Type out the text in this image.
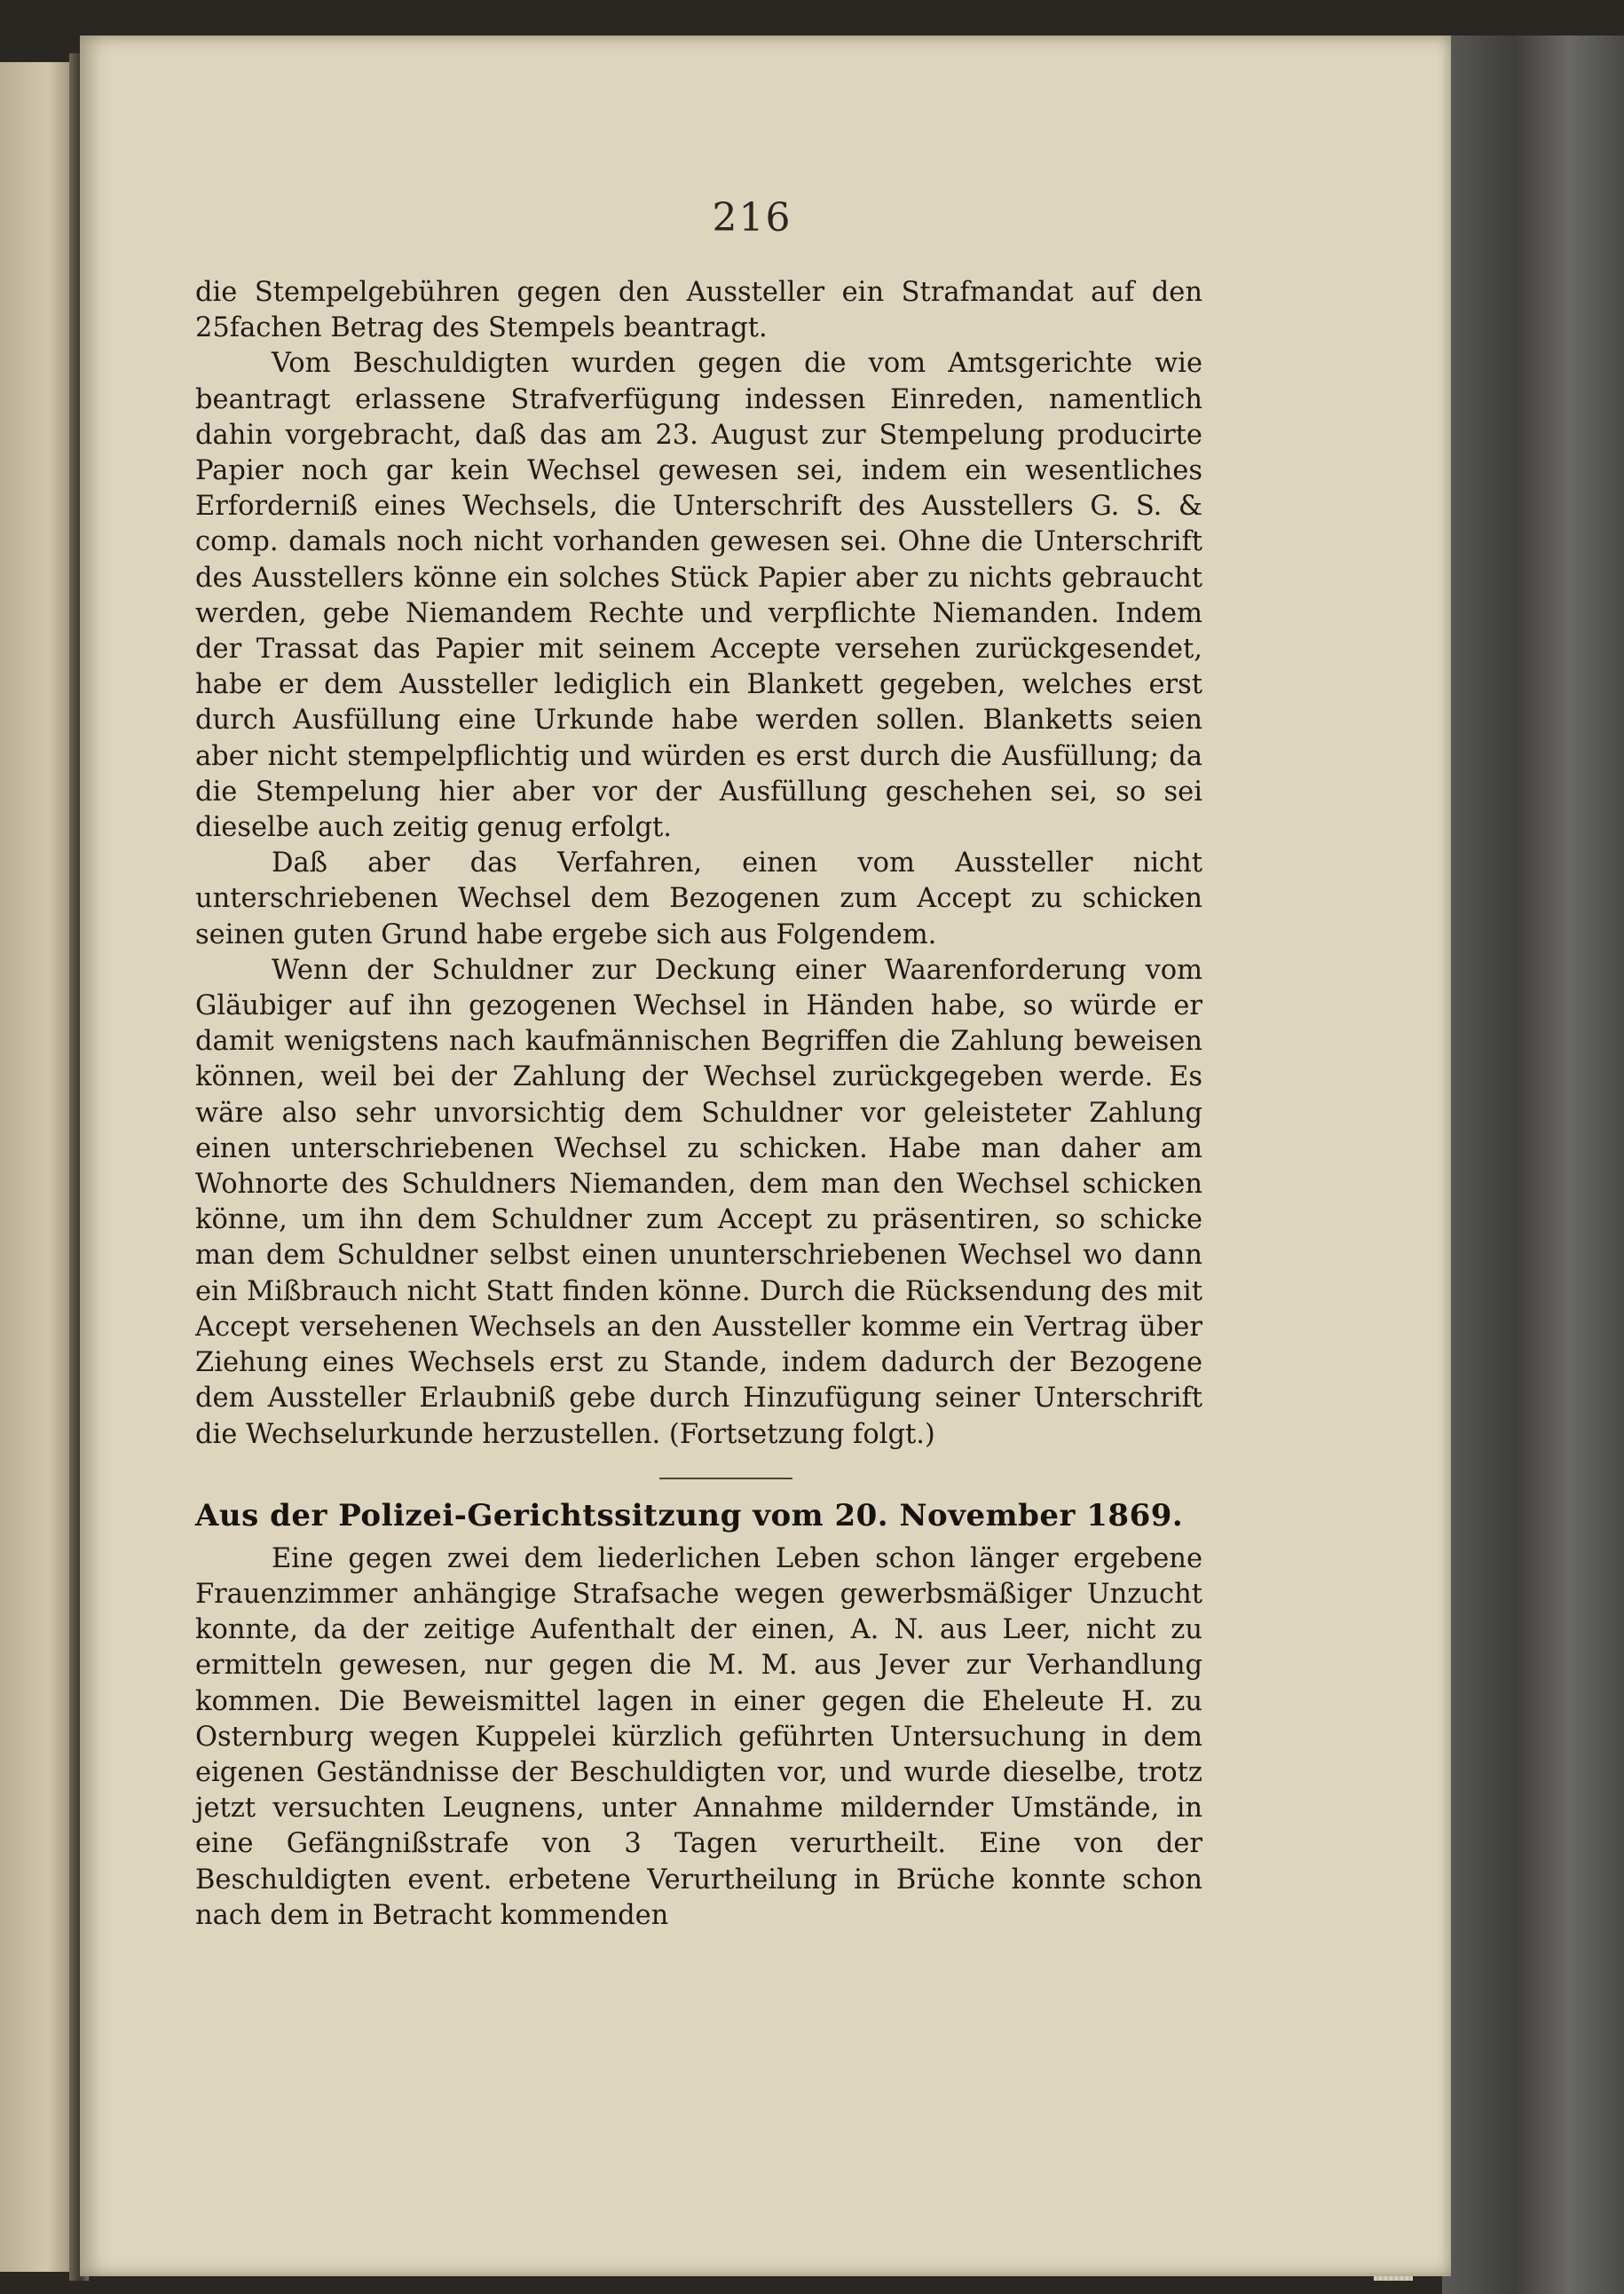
216

die Stempelgebühren gegen den Aussteller ein Strafmandat auf den 25fachen Betrag des Stempels beantragt.

Vom Beschuldigten wurden gegen die vom Amtsgerichte wie beantragt erlassene Strafverfügung indessen Einreden, namentlich dahin vorgebracht, daß das am 23. August zur Stempelung producirte Papier noch gar kein Wechsel gewesen sei, indem ein wesentliches Erforderniß eines Wechsels, die Unterschrift des Ausstellers G. S. & comp. damals noch nicht vorhanden gewesen sei. Ohne die Unterschrift des Ausstellers könne ein solches Stück Papier aber zu nichts gebraucht werden, gebe Niemandem Rechte und verpflichte Niemanden. Indem der Trassat das Papier mit seinem Accepte versehen zurückgesendet, habe er dem Aussteller lediglich ein Blankett gegeben, welches erst durch Ausfüllung eine Urkunde habe werden sollen. Blanketts seien aber nicht stempelpflichtig und würden es erst durch die Ausfüllung; da die Stempelung hier aber vor der Ausfüllung geschehen sei, so sei dieselbe auch zeitig genug erfolgt.

Daß aber das Verfahren, einen vom Aussteller nicht unterschriebenen Wechsel dem Bezogenen zum Accept zu schicken seinen guten Grund habe ergebe sich aus Folgendem.

Wenn der Schuldner zur Deckung einer Waarenforderung vom Gläubiger auf ihn gezogenen Wechsel in Händen habe, so würde er damit wenigstens nach kaufmännischen Begriffen die Zahlung beweisen können, weil bei der Zahlung der Wechsel zurückgegeben werde. Es wäre also sehr unvorsichtig dem Schuldner vor geleisteter Zahlung einen unterschriebenen Wechsel zu schicken. Habe man daher am Wohnorte des Schuldners Niemanden, dem man den Wechsel schicken könne, um ihn dem Schuldner zum Accept zu präsentiren, so schicke man dem Schuldner selbst einen ununterschriebenen Wechsel wo dann ein Mißbrauch nicht Statt finden könne. Durch die Rücksendung des mit Accept versehenen Wechsels an den Aussteller komme ein Vertrag über Ziehung eines Wechsels erst zu Stande, indem dadurch der Bezogene dem Aussteller Erlaubniß gebe durch Hinzufügung seiner Unterschrift die Wechselurkunde herzustellen. (Fortsetzung folgt.)

Aus der Polizei-Gerichtssitzung vom 20. November 1869.

Eine gegen zwei dem liederlichen Leben schon länger ergebene Frauenzimmer anhängige Strafsache wegen gewerbsmäßiger Unzucht konnte, da der zeitige Aufenthalt der einen, A. N. aus Leer, nicht zu ermitteln gewesen, nur gegen die M. M. aus Jever zur Verhandlung kommen. Die Beweismittel lagen in einer gegen die Eheleute H. zu Osternburg wegen Kuppelei kürzlich geführten Untersuchung in dem eigenen Geständnisse der Beschuldigten vor, und wurde dieselbe, trotz jetzt versuchten Leugnens, unter Annahme mildernder Umstände, in eine Gefängnißstrafe von 3 Tagen verurtheilt. Eine von der Beschuldigten event. erbetene Verurtheilung in Brüche konnte schon nach dem in Betracht kommenden
